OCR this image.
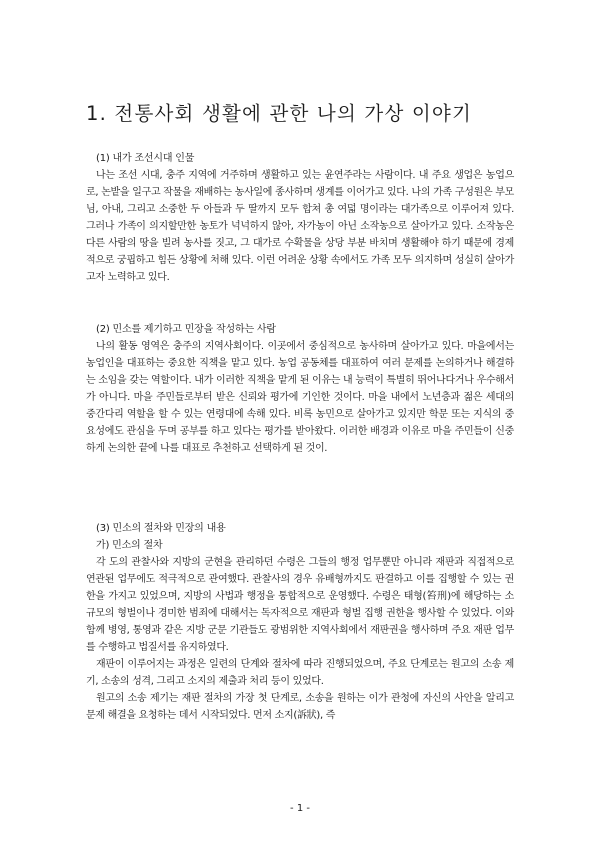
1. 전통사회 생활에 관한 나의 가상 이야기
(1) 내가 조선시대 인물
나는 조선 시대, 충주 지역에 거주하며 생활하고 있는 윤연주라는 사람이다. 내 주요 생업은 농업으로, 논밭을 일구고 작물을 재배하는 농사일에 종사하며 생계를 이어가고 있다. 나의 가족 구성원은 부모님, 아내, 그리고 소중한 두 아들과 두 딸까지 모두 합쳐 총 여덟 명이라는 대가족으로 이루어져 있다. 그러나 가족이 의지할만한 농토가 넉넉하지 않아, 자가농이 아닌 소작농으로 살아가고 있다. 소작농은 다른 사람의 땅을 빌려 농사를 짓고, 그 대가로 수확물을 상당 부분 바치며 생활해야 하기 때문에 경제적으로 궁핍하고 힘든 상황에 처해 있다. 이런 어려운 상황 속에서도 가족 모두 의지하며 성실히 살아가고자 노력하고 있다.
(2) 민소를 제기하고 민장을 작성하는 사람
나의 활동 영역은 충주의 지역사회이다. 이곳에서 중심적으로 농사하며 살아가고 있다. 마을에서는 농업인을 대표하는 중요한 직책을 맡고 있다. 농업 공동체를 대표하여 여러 문제를 논의하거나 해결하는 소임을 갖는 역할이다. 내가 이러한 직책을 맡게 된 이유는 내 능력이 특별히 뛰어나다거나 우수해서가 아니다. 마을 주민들로부터 받은 신뢰와 평가에 기인한 것이다. 마을 내에서 노년층과 젊은 세대의 중간다리 역할을 할 수 있는 연령대에 속해 있다. 비록 농민으로 살아가고 있지만 학문 또는 지식의 중요성에도 관심을 두며 공부를 하고 있다는 평가를 받아왔다. 이러한 배경과 이유로 마을 주민들이 신중하게 논의한 끝에 나를 대표로 추천하고 선택하게 된 것이.
(3) 민소의 절차와 민장의 내용
가) 민소의 절차
각 도의 관찰사와 지방의 군현을 관리하던 수령은 그들의 행정 업무뿐만 아니라 재판과 직접적으로 연관된 업무에도 적극적으로 관여했다. 관찰사의 경우 유배형까지도 판결하고 이를 집행할 수 있는 권한을 가지고 있었으며, 지방의 사법과 행정을 통합적으로 운영했다. 수령은 태형(笞刑)에 해당하는 소규모의 형벌이나 경미한 범죄에 대해서는 독자적으로 재판과 형벌 집행 권한을 행사할 수 있었다. 이와 함께 병영, 통영과 같은 지방 군문 기관들도 광범위한 지역사회에서 재판권을 행사하며 주요 재판 업무를 수행하고 법질서를 유지하였다.
재판이 이루어지는 과정은 일련의 단계와 절차에 따라 진행되었으며, 주요 단계로는 원고의 소송 제기, 소송의 성격, 그리고 소지의 제출과 처리 등이 있었다.
원고의 소송 제기는 재판 절차의 가장 첫 단계로, 소송을 원하는 이가 관청에 자신의 사안을 알리고 문제 해결을 요청하는 데서 시작되었다. 먼저 소지(訴狀), 즉
- 1 -
